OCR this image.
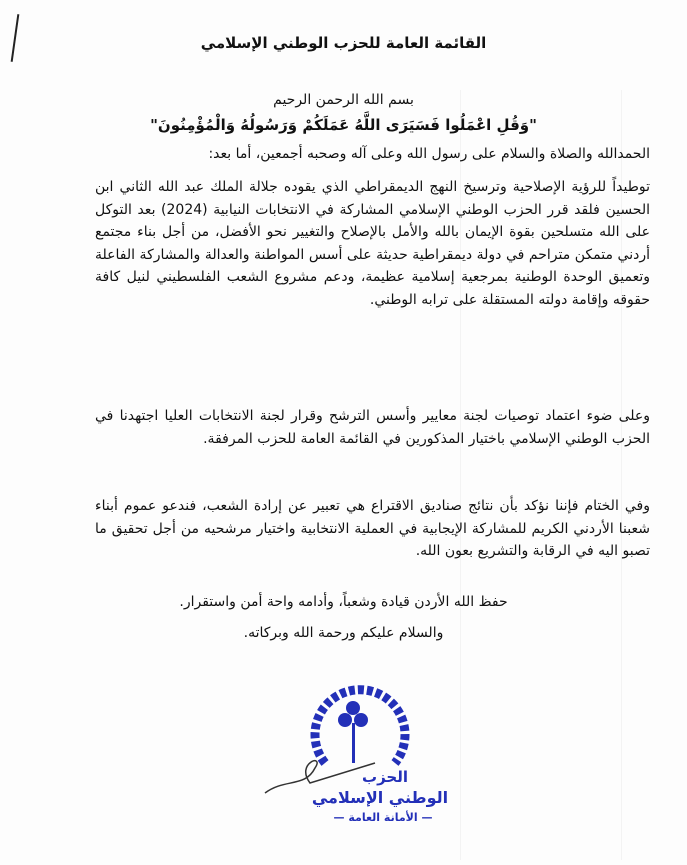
القائمة العامة للحزب الوطني الإسلامي
بسم الله الرحمن الرحيم
"وَقُلِ اعْمَلُوا فَسَيَرَى اللَّهُ عَمَلَكُمْ وَرَسُولُهُ وَالْمُؤْمِنُونَ"
الحمدالله والصلاة والسلام على رسول الله وعلى آله وصحبه أجمعين، أما بعد:

توطيداً للرؤية الإصلاحية وترسيخ النهج الديمقراطي الذي يقوده جلالة الملك عبد الله الثاني ابن الحسين فلقد قرر الحزب الوطني الإسلامي المشاركة في الانتخابات النيابية (2024) بعد التوكل على الله متسلحين بقوة الإيمان بالله والأمل بالإصلاح والتغيير نحو الأفضل، من أجل بناء مجتمع أردني متمكن متراحم في دولة ديمقراطية حديثة على أسس المواطنة والعدالة والمشاركة الفاعلة وتعميق الوحدة الوطنية بمرجعية إسلامية عظيمة، ودعم مشروع الشعب الفلسطيني لنيل كافة حقوقه وإقامة دولته المستقلة على ترابه الوطني.

وعلى ضوء اعتماد توصيات لجنة معايير وأسس الترشح وقرار لجنة الانتخابات العليا اجتهدنا في الحزب الوطني الإسلامي باختيار المذكورين في القائمة العامة للحزب المرفقة.

وفي الختام فإننا نؤكد بأن نتائج صناديق الاقتراع هي تعبير عن إرادة الشعب، فندعو عموم أبناء شعبنا الأردني الكريم للمشاركة الإيجابية في العملية الانتخابية واختيار مرشحيه من أجل تحقيق ما تصبو اليه في الرقابة والتشريع بعون الله.

حفظ الله الأردن قيادة وشعباً، وأدامه واحة أمن واستقرار.
والسلام عليكم ورحمة الله وبركاته.
الحزب
الوطني الإسلامي
— الأمانة العامة —
